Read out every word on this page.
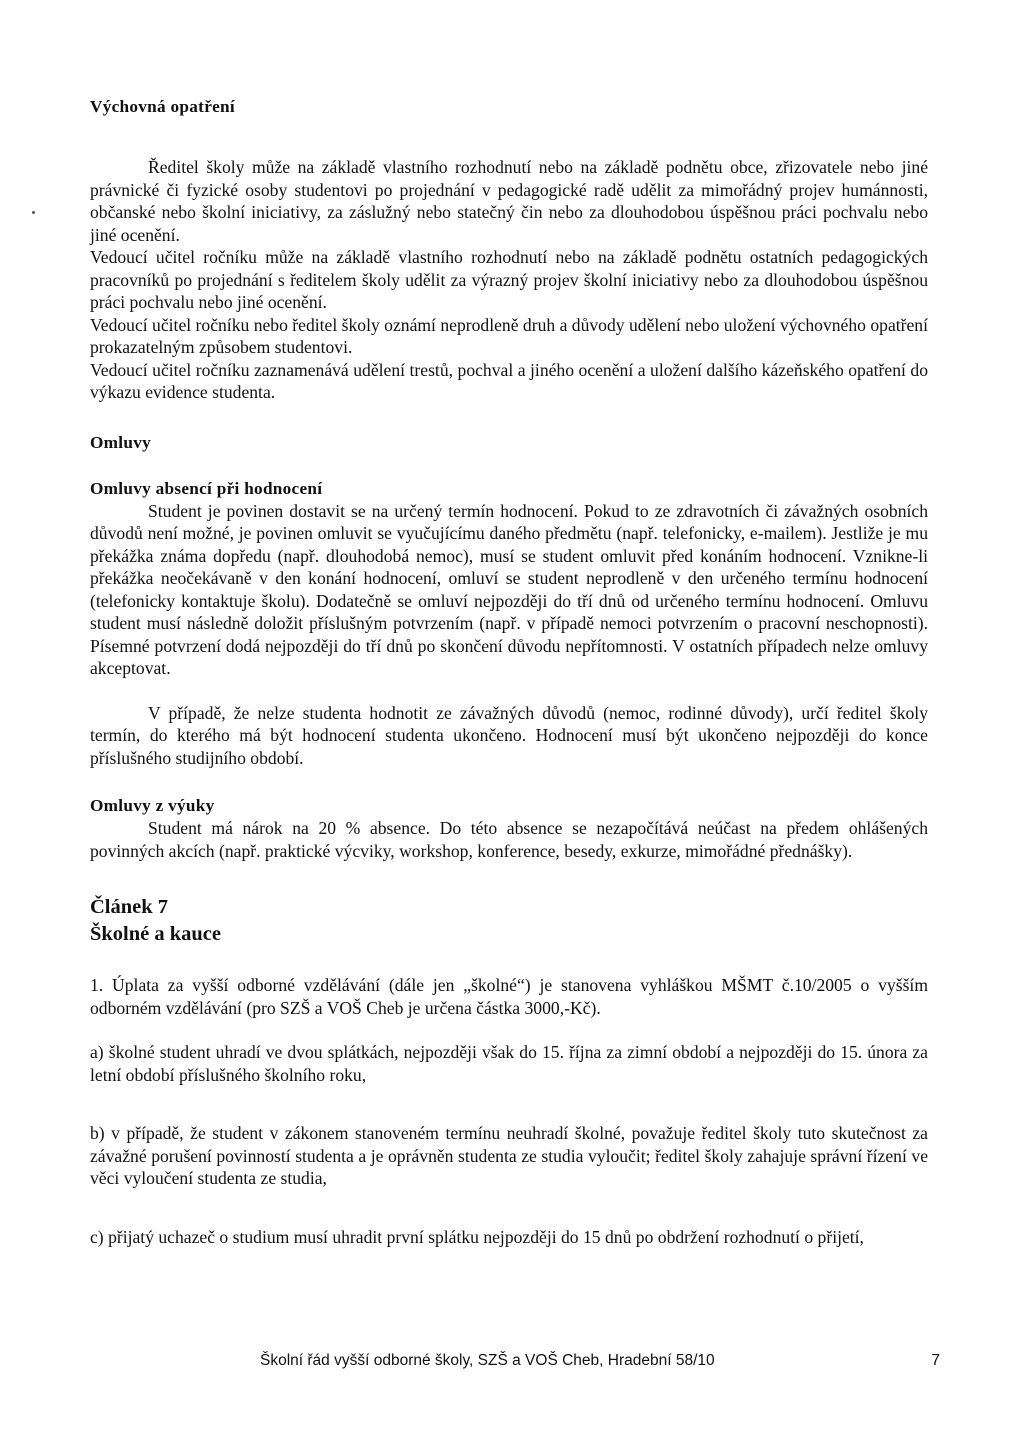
Výchovná opatření

Ředitel školy může na základě vlastního rozhodnutí nebo na základě podnětu obce, zřizovatele nebo jiné právnické či fyzické osoby studentovi po projednání v pedagogické radě udělit za mimořádný projev humánnosti, občanské nebo školní iniciativy, za záslužný nebo statečný čin nebo za dlouhodobou úspěšnou práci pochvalu nebo jiné ocenění.

Vedoucí učitel ročníku může na základě vlastního rozhodnutí nebo na základě podnětu ostatních pedagogických pracovníků po projednání s ředitelem školy udělit za výrazný projev školní iniciativy nebo za dlouhodobou úspěšnou práci pochvalu nebo jiné ocenění.

Vedoucí učitel ročníku nebo ředitel školy oznámí neprodleně druh a důvody udělení nebo uložení výchovného opatření prokazatelným způsobem studentovi.

Vedoucí učitel ročníku zaznamenává udělení trestů, pochval a jiného ocenění a uložení dalšího kázeňského opatření do výkazu evidence studenta.

Omluvy
Omluvy absencí při hodnocení

Student je povinen dostavit se na určený termín hodnocení. Pokud to ze zdravotních či závažných osobních důvodů není možné, je povinen omluvit se vyučujícímu daného předmětu (např. telefonicky, e-mailem). Jestliže je mu překážka známa dopředu (např. dlouhodobá nemoc), musí se student omluvit před konáním hodnocení. Vznikne-li překážka neočekávaně v den konání hodnocení, omluví se student neprodleně v den určeného termínu hodnocení (telefonicky kontaktuje školu). Dodatečně se omluví nejpozději do tří dnů od určeného termínu hodnocení. Omluvu student musí následně doložit příslušným potvrzením (např. v případě nemoci potvrzením o pracovní neschopnosti). Písemné potvrzení dodá nejpozději do tří dnů po skončení důvodu nepřítomnosti. V ostatních případech nelze omluvy akceptovat.

V případě, že nelze studenta hodnotit ze závažných důvodů (nemoc, rodinné důvody), určí ředitel školy termín, do kterého má být hodnocení studenta ukončeno. Hodnocení musí být ukončeno nejpozději do konce příslušného studijního období.

Omluvy z výuky

Student má nárok na 20 % absence. Do této absence se nezapočítává neúčast na předem ohlášených povinných akcích (např. praktické výcviky, workshop, konference, besedy, exkurze, mimořádné přednášky).

Článek 7
Školné a kauce

1. Úplata za vyšší odborné vzdělávání (dále jen „školné“) je stanovena vyhláškou MŠMT č.10/2005 o vyšším odborném vzdělávání (pro SZŠ a VOŠ Cheb je určena částka 3000,-Kč).

a) školné student uhradí ve dvou splátkách, nejpozději však do 15. října za zimní období a nejpozději do 15. února za letní období příslušného školního roku,

b) v případě, že student v zákonem stanoveném termínu neuhradí školné, považuje ředitel školy tuto skutečnost za závažné porušení povinností studenta a je oprávněn studenta ze studia vyloučit; ředitel školy zahajuje správní řízení ve věci vyloučení studenta ze studia,

c) přijatý uchazeč o studium musí uhradit první splátku nejpozději do 15 dnů po obdržení rozhodnutí o přijetí,

Školní řád vyšší odborné školy, SZŠ a VOŠ Cheb, Hradební 58/10	7
